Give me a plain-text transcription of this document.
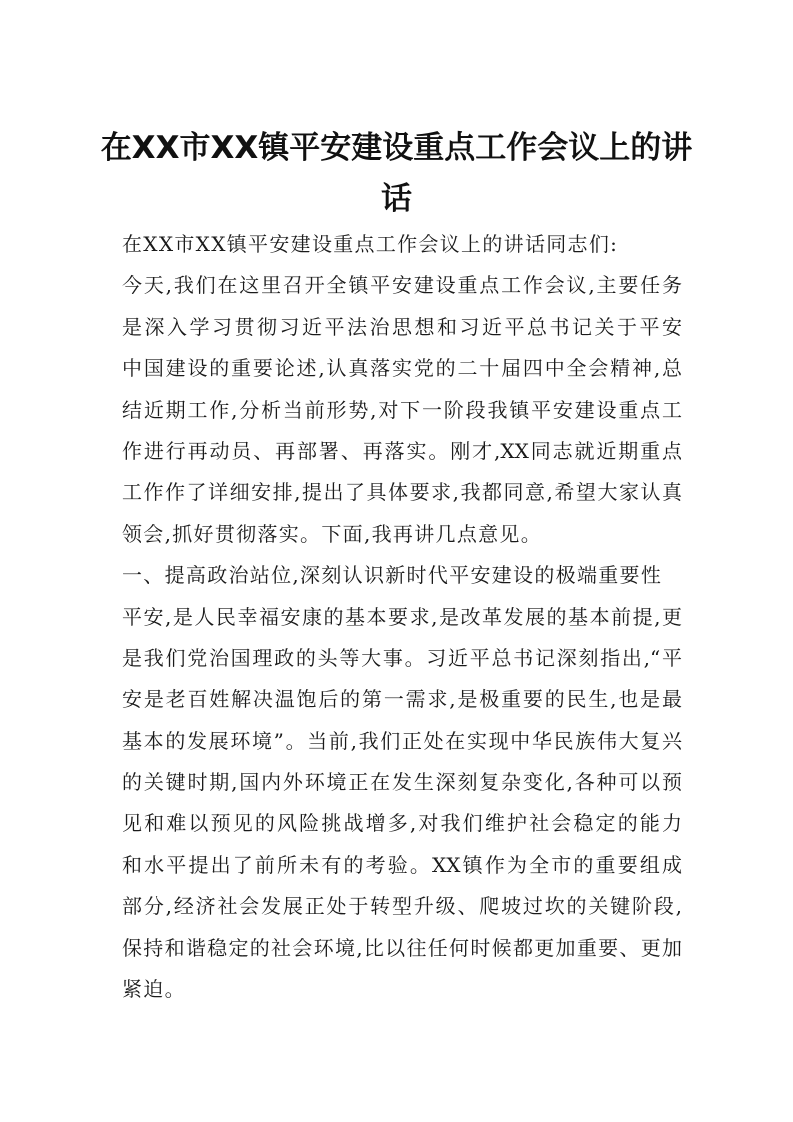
在XX市XX镇平安建设重点工作会议上的讲
话
在XX市XX镇平安建设重点工作会议上的讲话同志们:
今天,我们在这里召开全镇平安建设重点工作会议,主要任务
是深入学习贯彻习近平法治思想和习近平总书记关于平安
中国建设的重要论述,认真落实党的二十届四中全会精神,总
结近期工作,分析当前形势,对下一阶段我镇平安建设重点工
作进行再动员、再部署、再落实。刚才,XX同志就近期重点
工作作了详细安排,提出了具体要求,我都同意,希望大家认真
领会,抓好贯彻落实。下面,我再讲几点意见。
一、提高政治站位,深刻认识新时代平安建设的极端重要性
平安,是人民幸福安康的基本要求,是改革发展的基本前提,更
是我们党治国理政的头等大事。习近平总书记深刻指出,“平
安是老百姓解决温饱后的第一需求,是极重要的民生,也是最
基本的发展环境”。当前,我们正处在实现中华民族伟大复兴
的关键时期,国内外环境正在发生深刻复杂变化,各种可以预
见和难以预见的风险挑战增多,对我们维护社会稳定的能力
和水平提出了前所未有的考验。XX镇作为全市的重要组成
部分,经济社会发展正处于转型升级、爬坡过坎的关键阶段,
保持和谐稳定的社会环境,比以往任何时候都更加重要、更加
紧迫。
